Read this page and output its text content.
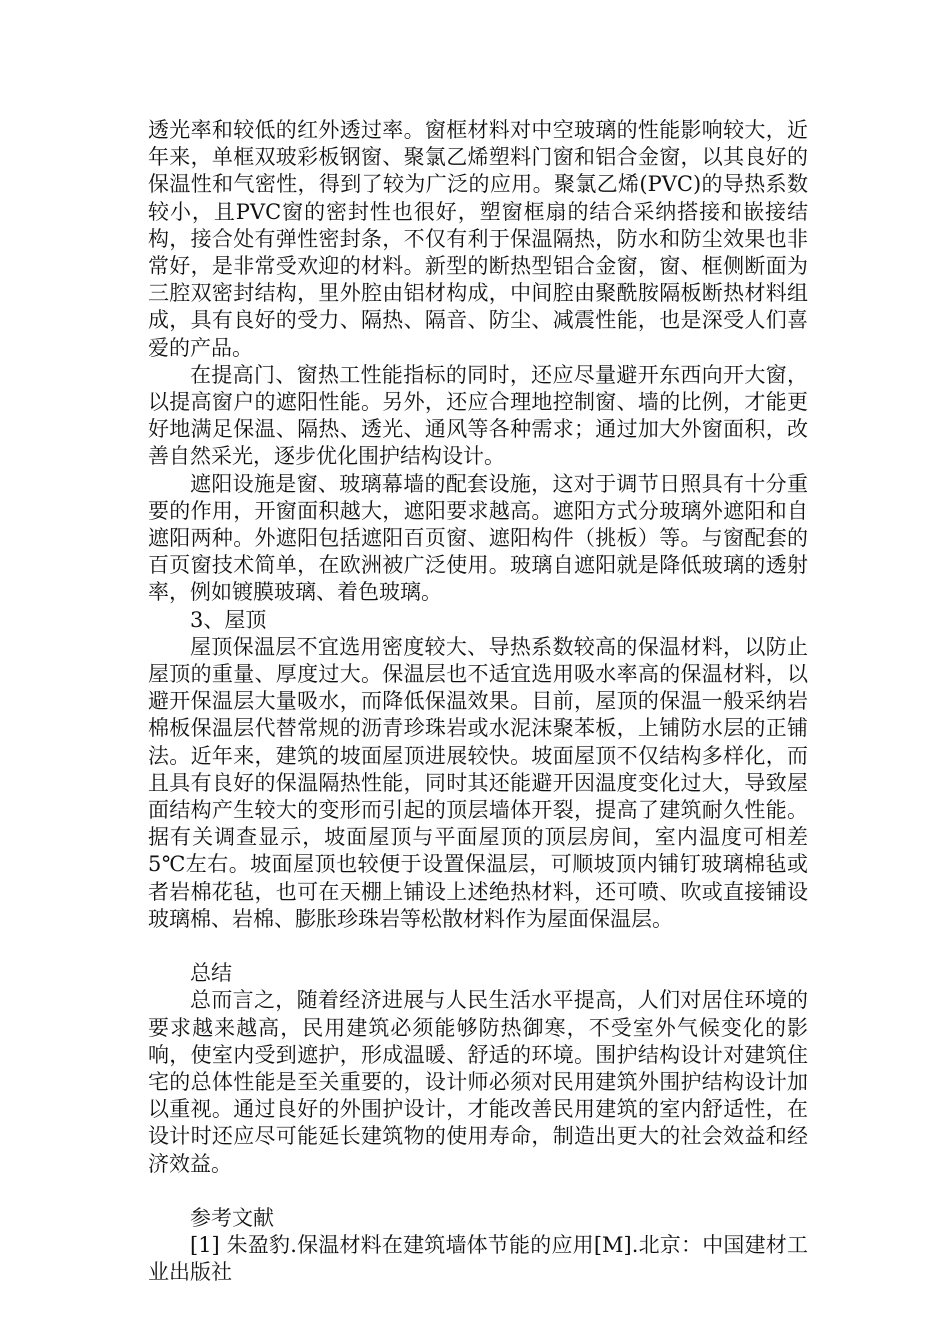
透光率和较低的红外透过率。窗框材料对中空玻璃的性能影响较大，近年来，单框双玻彩板钢窗、聚氯乙烯塑料门窗和铝合金窗，以其良好的保温性和气密性，得到了较为广泛的应用。聚氯乙烯(PVC)的导热系数较小，且PVC窗的密封性也很好，塑窗框扇的结合采纳搭接和嵌接结构，接合处有弹性密封条，不仅有利于保温隔热，防水和防尘效果也非常好，是非常受欢迎的材料。新型的断热型铝合金窗，窗、框侧断面为三腔双密封结构，里外腔由铝材构成，中间腔由聚酰胺隔板断热材料组成，具有良好的受力、隔热、隔音、防尘、减震性能，也是深受人们喜爱的产品。

在提高门、窗热工性能指标的同时，还应尽量避开东西向开大窗，以提高窗户的遮阳性能。另外，还应合理地控制窗、墙的比例，才能更好地满足保温、隔热、透光、通风等各种需求；通过加大外窗面积，改善自然采光，逐步优化围护结构设计。

遮阳设施是窗、玻璃幕墙的配套设施，这对于调节日照具有十分重要的作用，开窗面积越大，遮阳要求越高。遮阳方式分玻璃外遮阳和自遮阳两种。外遮阳包括遮阳百页窗、遮阳构件（挑板）等。与窗配套的百页窗技术简单，在欧洲被广泛使用。玻璃自遮阳就是降低玻璃的透射率，例如镀膜玻璃、着色玻璃。

3、屋顶

屋顶保温层不宜选用密度较大、导热系数较高的保温材料，以防止屋顶的重量、厚度过大。保温层也不适宜选用吸水率高的保温材料，以避开保温层大量吸水，而降低保温效果。目前，屋顶的保温一般采纳岩棉板保温层代替常规的沥青珍珠岩或水泥沫聚苯板，上铺防水层的正铺法。近年来，建筑的坡面屋顶进展较快。坡面屋顶不仅结构多样化，而且具有良好的保温隔热性能，同时其还能避开因温度变化过大，导致屋面结构产生较大的变形而引起的顶层墙体开裂，提高了建筑耐久性能。据有关调查显示，坡面屋顶与平面屋顶的顶层房间，室内温度可相差5℃左右。坡面屋顶也较便于设置保温层，可顺坡顶内铺钉玻璃棉毡或者岩棉花毡，也可在天棚上铺设上述绝热材料，还可喷、吹或直接铺设玻璃棉、岩棉、膨胀珍珠岩等松散材料作为屋面保温层。

总结

总而言之，随着经济进展与人民生活水平提高，人们对居住环境的要求越来越高，民用建筑必须能够防热御寒，不受室外气候变化的影响，使室内受到遮护，形成温暖、舒适的环境。围护结构设计对建筑住宅的总体性能是至关重要的，设计师必须对民用建筑外围护结构设计加以重视。通过良好的外围护设计，才能改善民用建筑的室内舒适性，在设计时还应尽可能延长建筑物的使用寿命，制造出更大的社会效益和经济效益。

参考文献

[1] 朱盈豹.保温材料在建筑墙体节能的应用[M].北京：中国建材工业出版社
